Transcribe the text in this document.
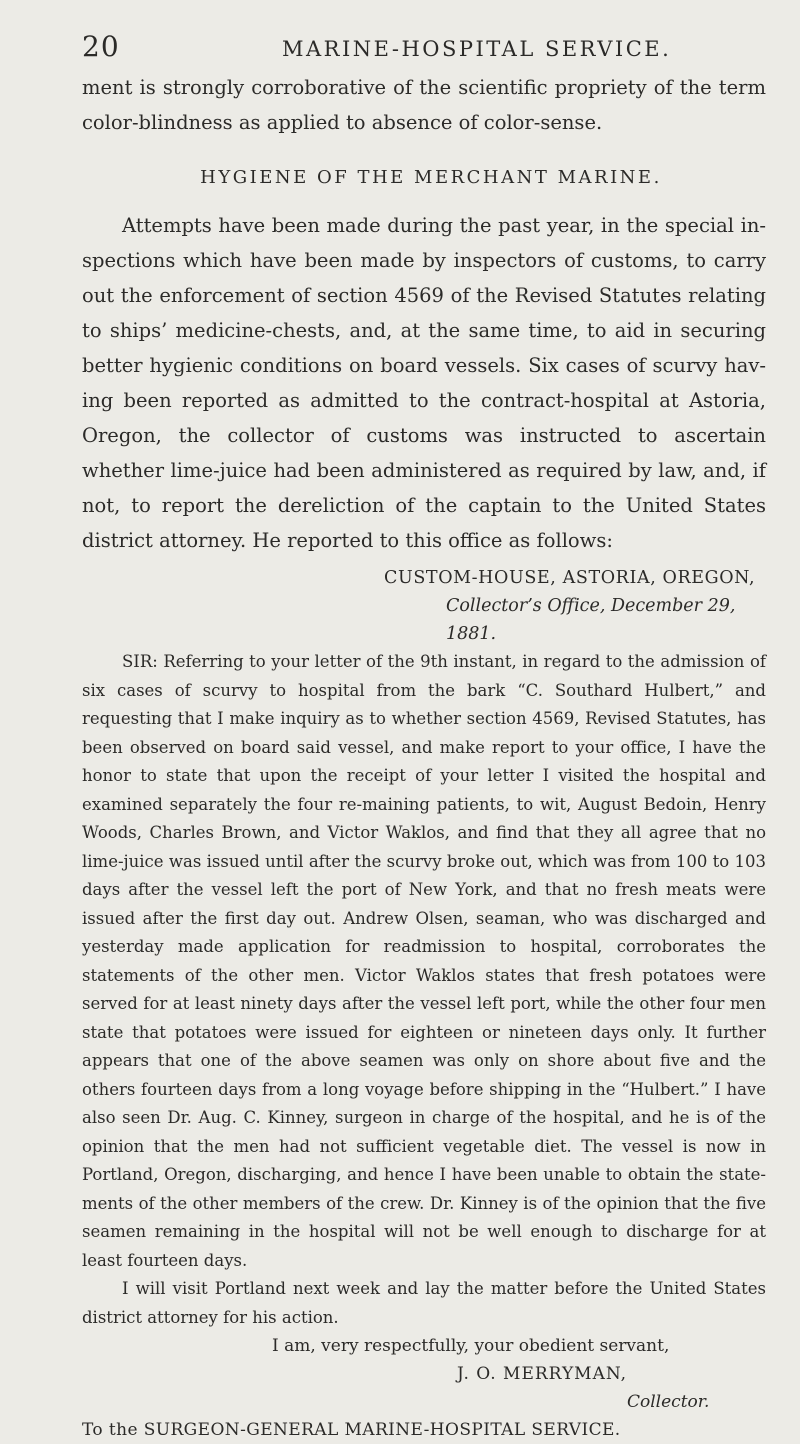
20	MARINE-HOSPITAL SERVICE.

ment is strongly corroborative of the scientific propriety of the term color-blindness as applied to absence of color-sense.

HYGIENE OF THE MERCHANT MARINE.

Attempts have been made during the past year, in the special in-spections which have been made by inspectors of customs, to carry out the enforcement of section 4569 of the Revised Statutes relating to ships’ medicine-chests, and, at the same time, to aid in securing better hygienic conditions on board vessels. Six cases of scurvy hav-ing been reported as admitted to the contract-hospital at Astoria, Oregon, the collector of customs was instructed to ascertain whether lime-juice had been administered as required by law, and, if not, to report the dereliction of the captain to the United States district attorney. He reported to this office as follows:

CUSTOM-HOUSE, ASTORIA, OREGON,
Collector’s Office, December 29, 1881.

SIR: Referring to your letter of the 9th instant, in regard to the admission of six cases of scurvy to hospital from the bark “C. Southard Hulbert,” and requesting that I make inquiry as to whether section 4569, Revised Statutes, has been observed on board said vessel, and make report to your office, I have the honor to state that upon the receipt of your letter I visited the hospital and examined separately the four re-maining patients, to wit, August Bedoin, Henry Woods, Charles Brown, and Victor Waklos, and find that they all agree that no lime-juice was issued until after the scurvy broke out, which was from 100 to 103 days after the vessel left the port of New York, and that no fresh meats were issued after the first day out. Andrew Olsen, seaman, who was discharged and yesterday made application for readmission to hospital, corroborates the statements of the other men. Victor Waklos states that fresh potatoes were served for at least ninety days after the vessel left port, while the other four men state that potatoes were issued for eighteen or nineteen days only. It further appears that one of the above seamen was only on shore about five and the others fourteen days from a long voyage before shipping in the “Hulbert.” I have also seen Dr. Aug. C. Kinney, surgeon in charge of the hospital, and he is of the opinion that the men had not sufficient vegetable diet. The vessel is now in Portland, Oregon, discharging, and hence I have been unable to obtain the state-ments of the other members of the crew. Dr. Kinney is of the opinion that the five seamen remaining in the hospital will not be well enough to discharge for at least fourteen days.

I will visit Portland next week and lay the matter before the United States district attorney for his action.

I am, very respectfully, your obedient servant,
J. O. MERRYMAN,
Collector.
To the SURGEON-GENERAL MARINE-HOSPITAL SERVICE.
